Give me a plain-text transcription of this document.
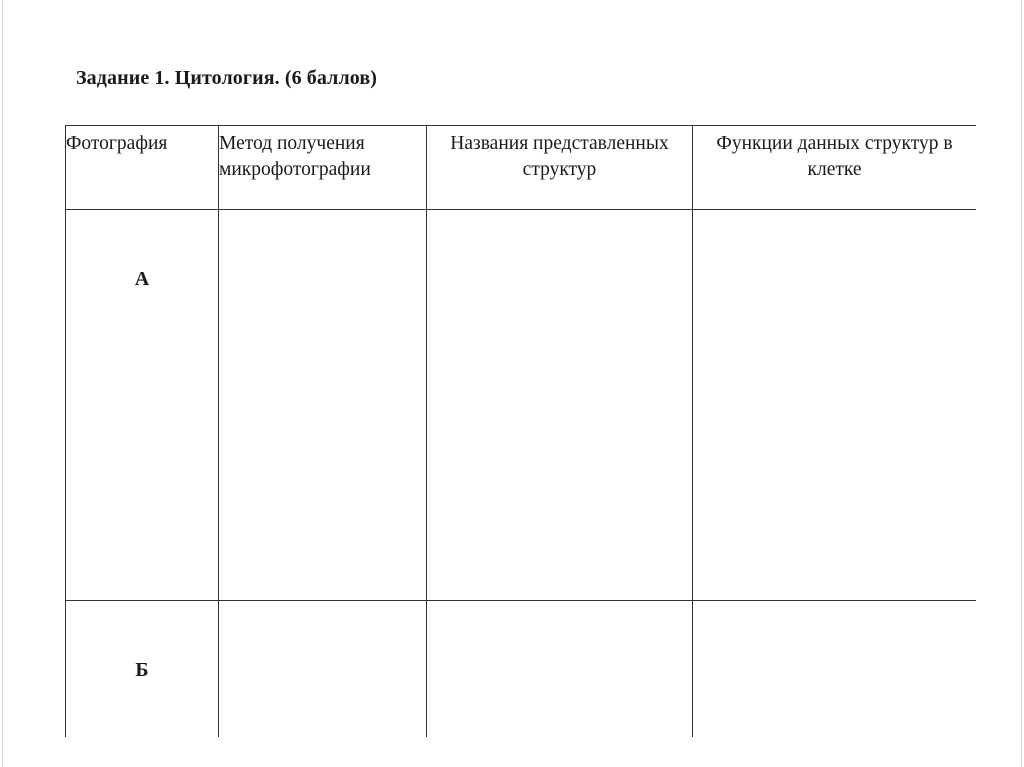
Задание 1. Цитология. (6 баллов)
Фотография	Метод получения микрофотографии	Названия представленных структур	Функции данных структур в клетке
А			
Б			
